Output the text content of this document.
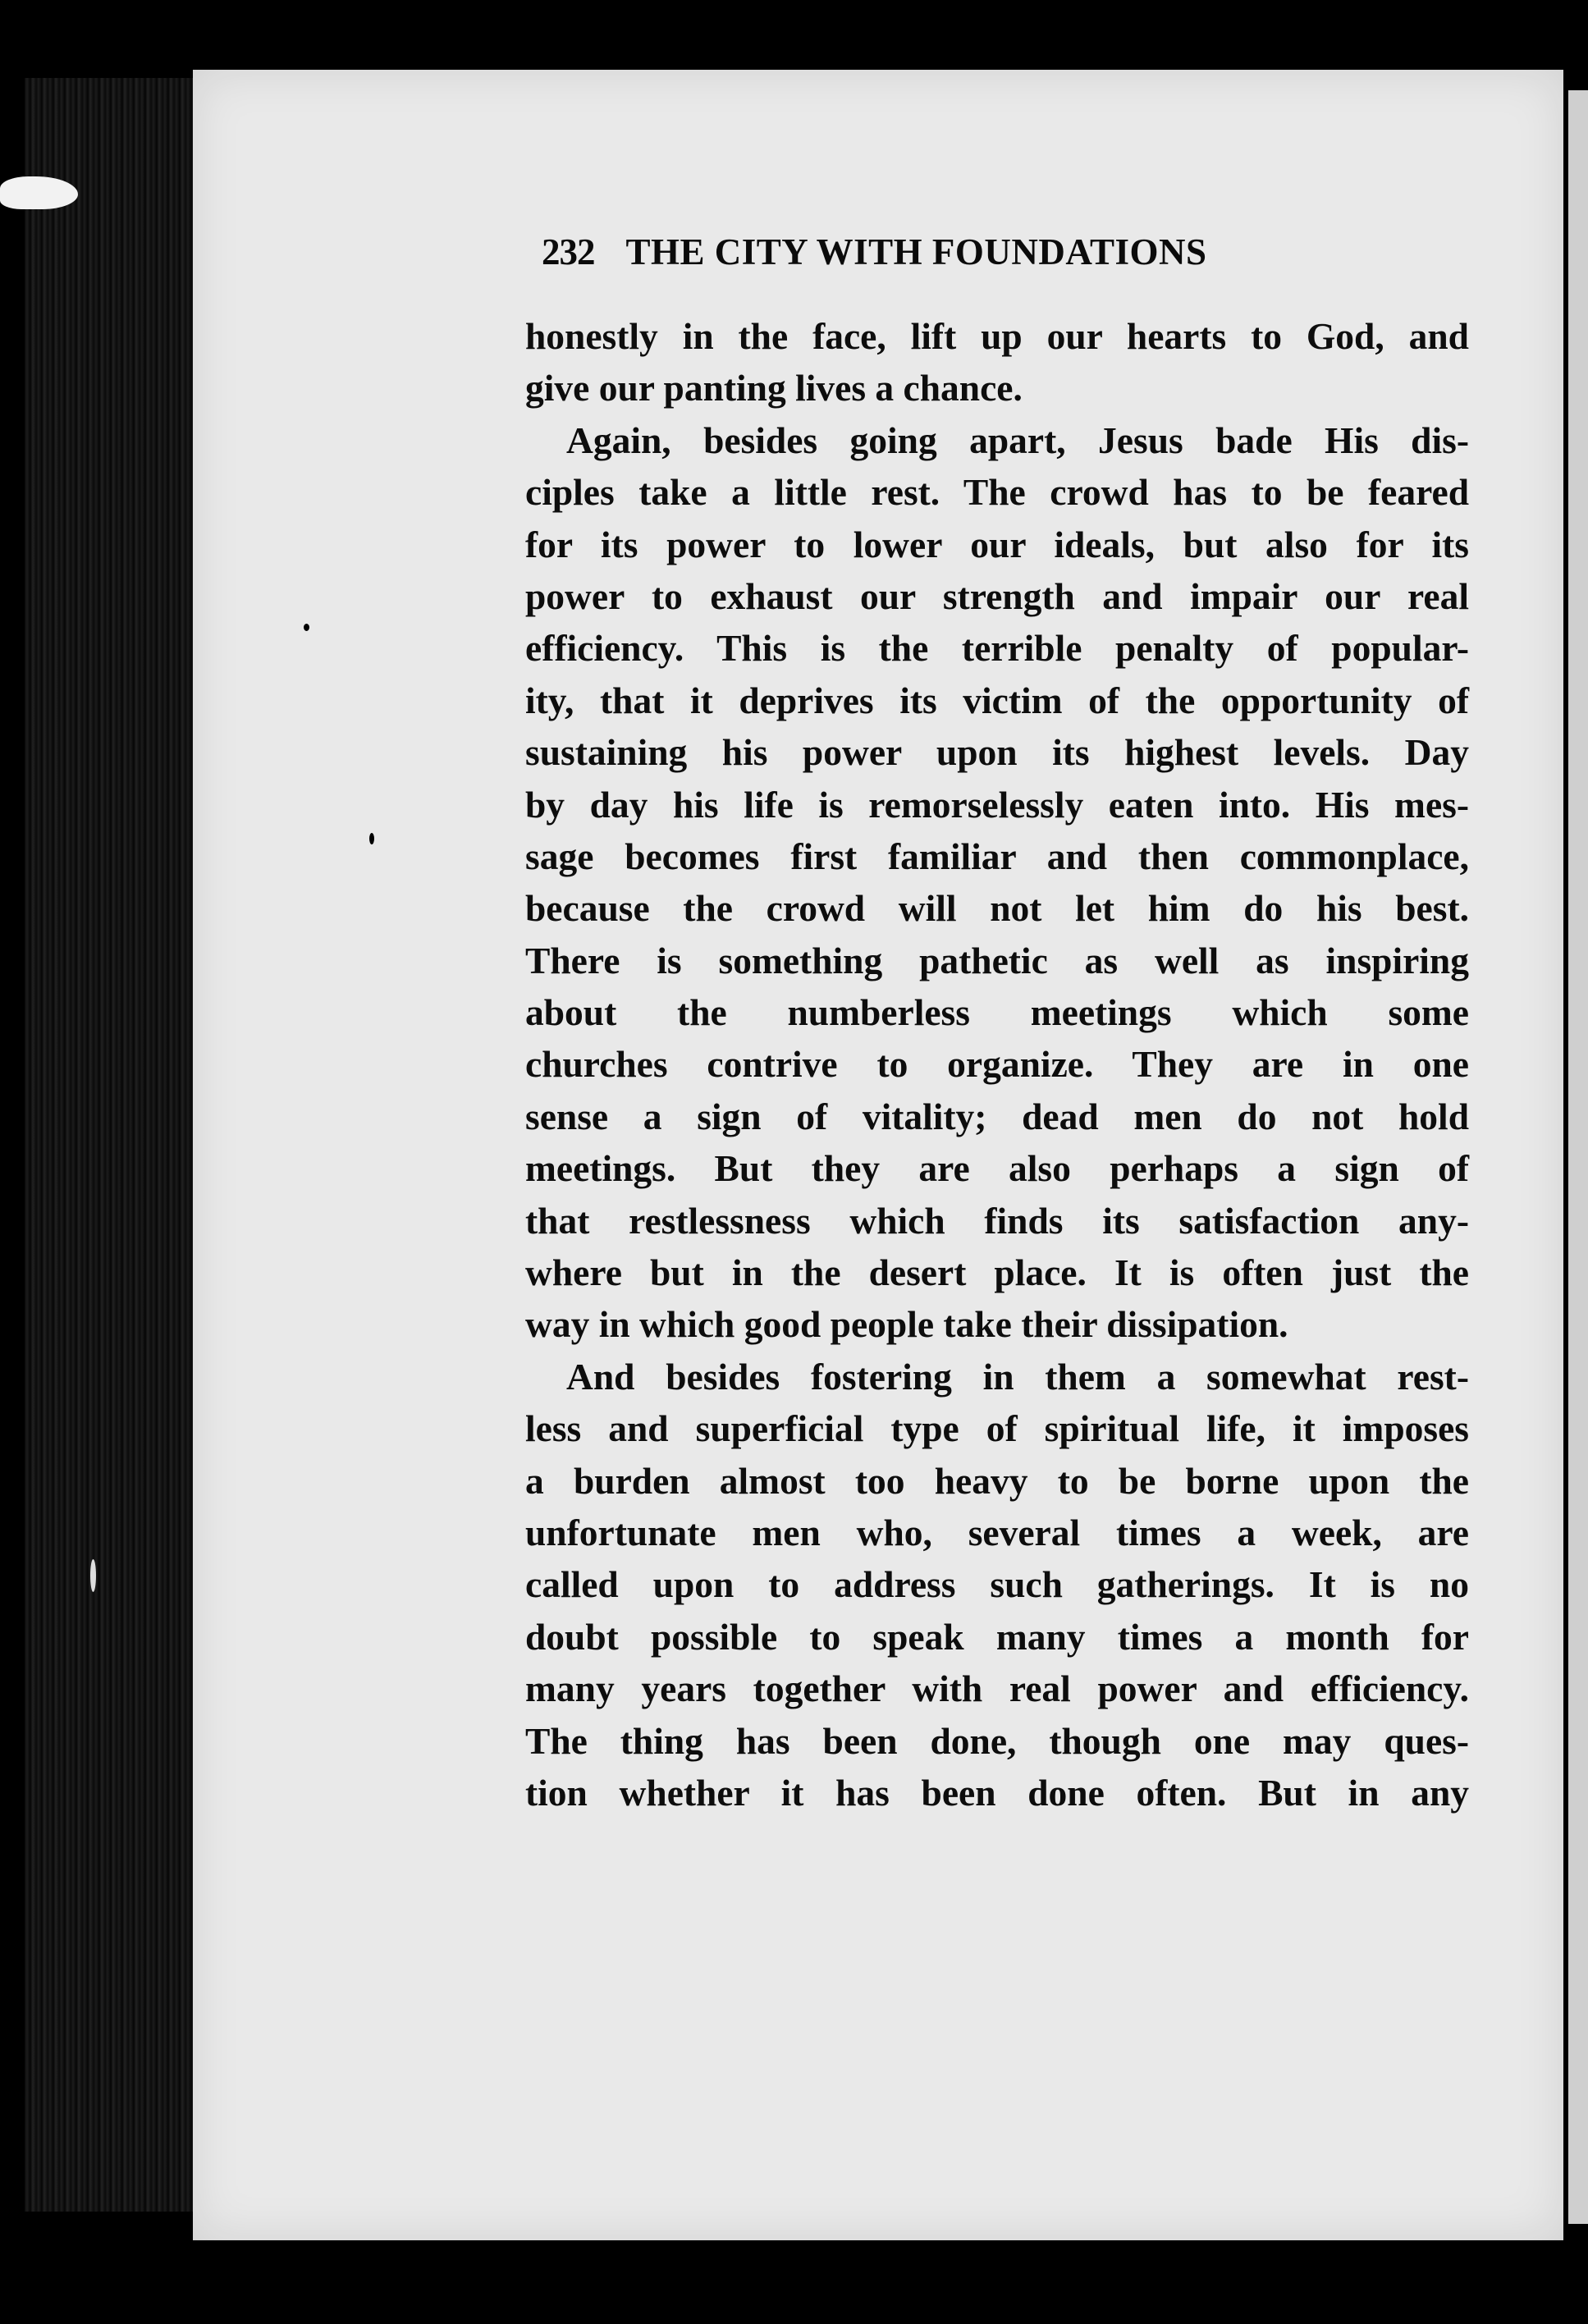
232 THE CITY WITH FOUNDATIONS
honestly in the face, lift up our hearts to God, and
give our panting lives a chance.
Again, besides going apart, Jesus bade His dis-
ciples take a little rest. The crowd has to be feared
for its power to lower our ideals, but also for its
power to exhaust our strength and impair our real
efficiency. This is the terrible penalty of popular-
ity, that it deprives its victim of the opportunity of
sustaining his power upon its highest levels. Day
by day his life is remorselessly eaten into. His mes-
sage becomes first familiar and then commonplace,
because the crowd will not let him do his best.
There is something pathetic as well as inspiring
about the numberless meetings which some
churches contrive to organize. They are in one
sense a sign of vitality; dead men do not hold
meetings. But they are also perhaps a sign of
that restlessness which finds its satisfaction any-
where but in the desert place. It is often just the
way in which good people take their dissipation.
And besides fostering in them a somewhat rest-
less and superficial type of spiritual life, it imposes
a burden almost too heavy to be borne upon the
unfortunate men who, several times a week, are
called upon to address such gatherings. It is no
doubt possible to speak many times a month for
many years together with real power and efficiency.
The thing has been done, though one may ques-
tion whether it has been done often. But in any
